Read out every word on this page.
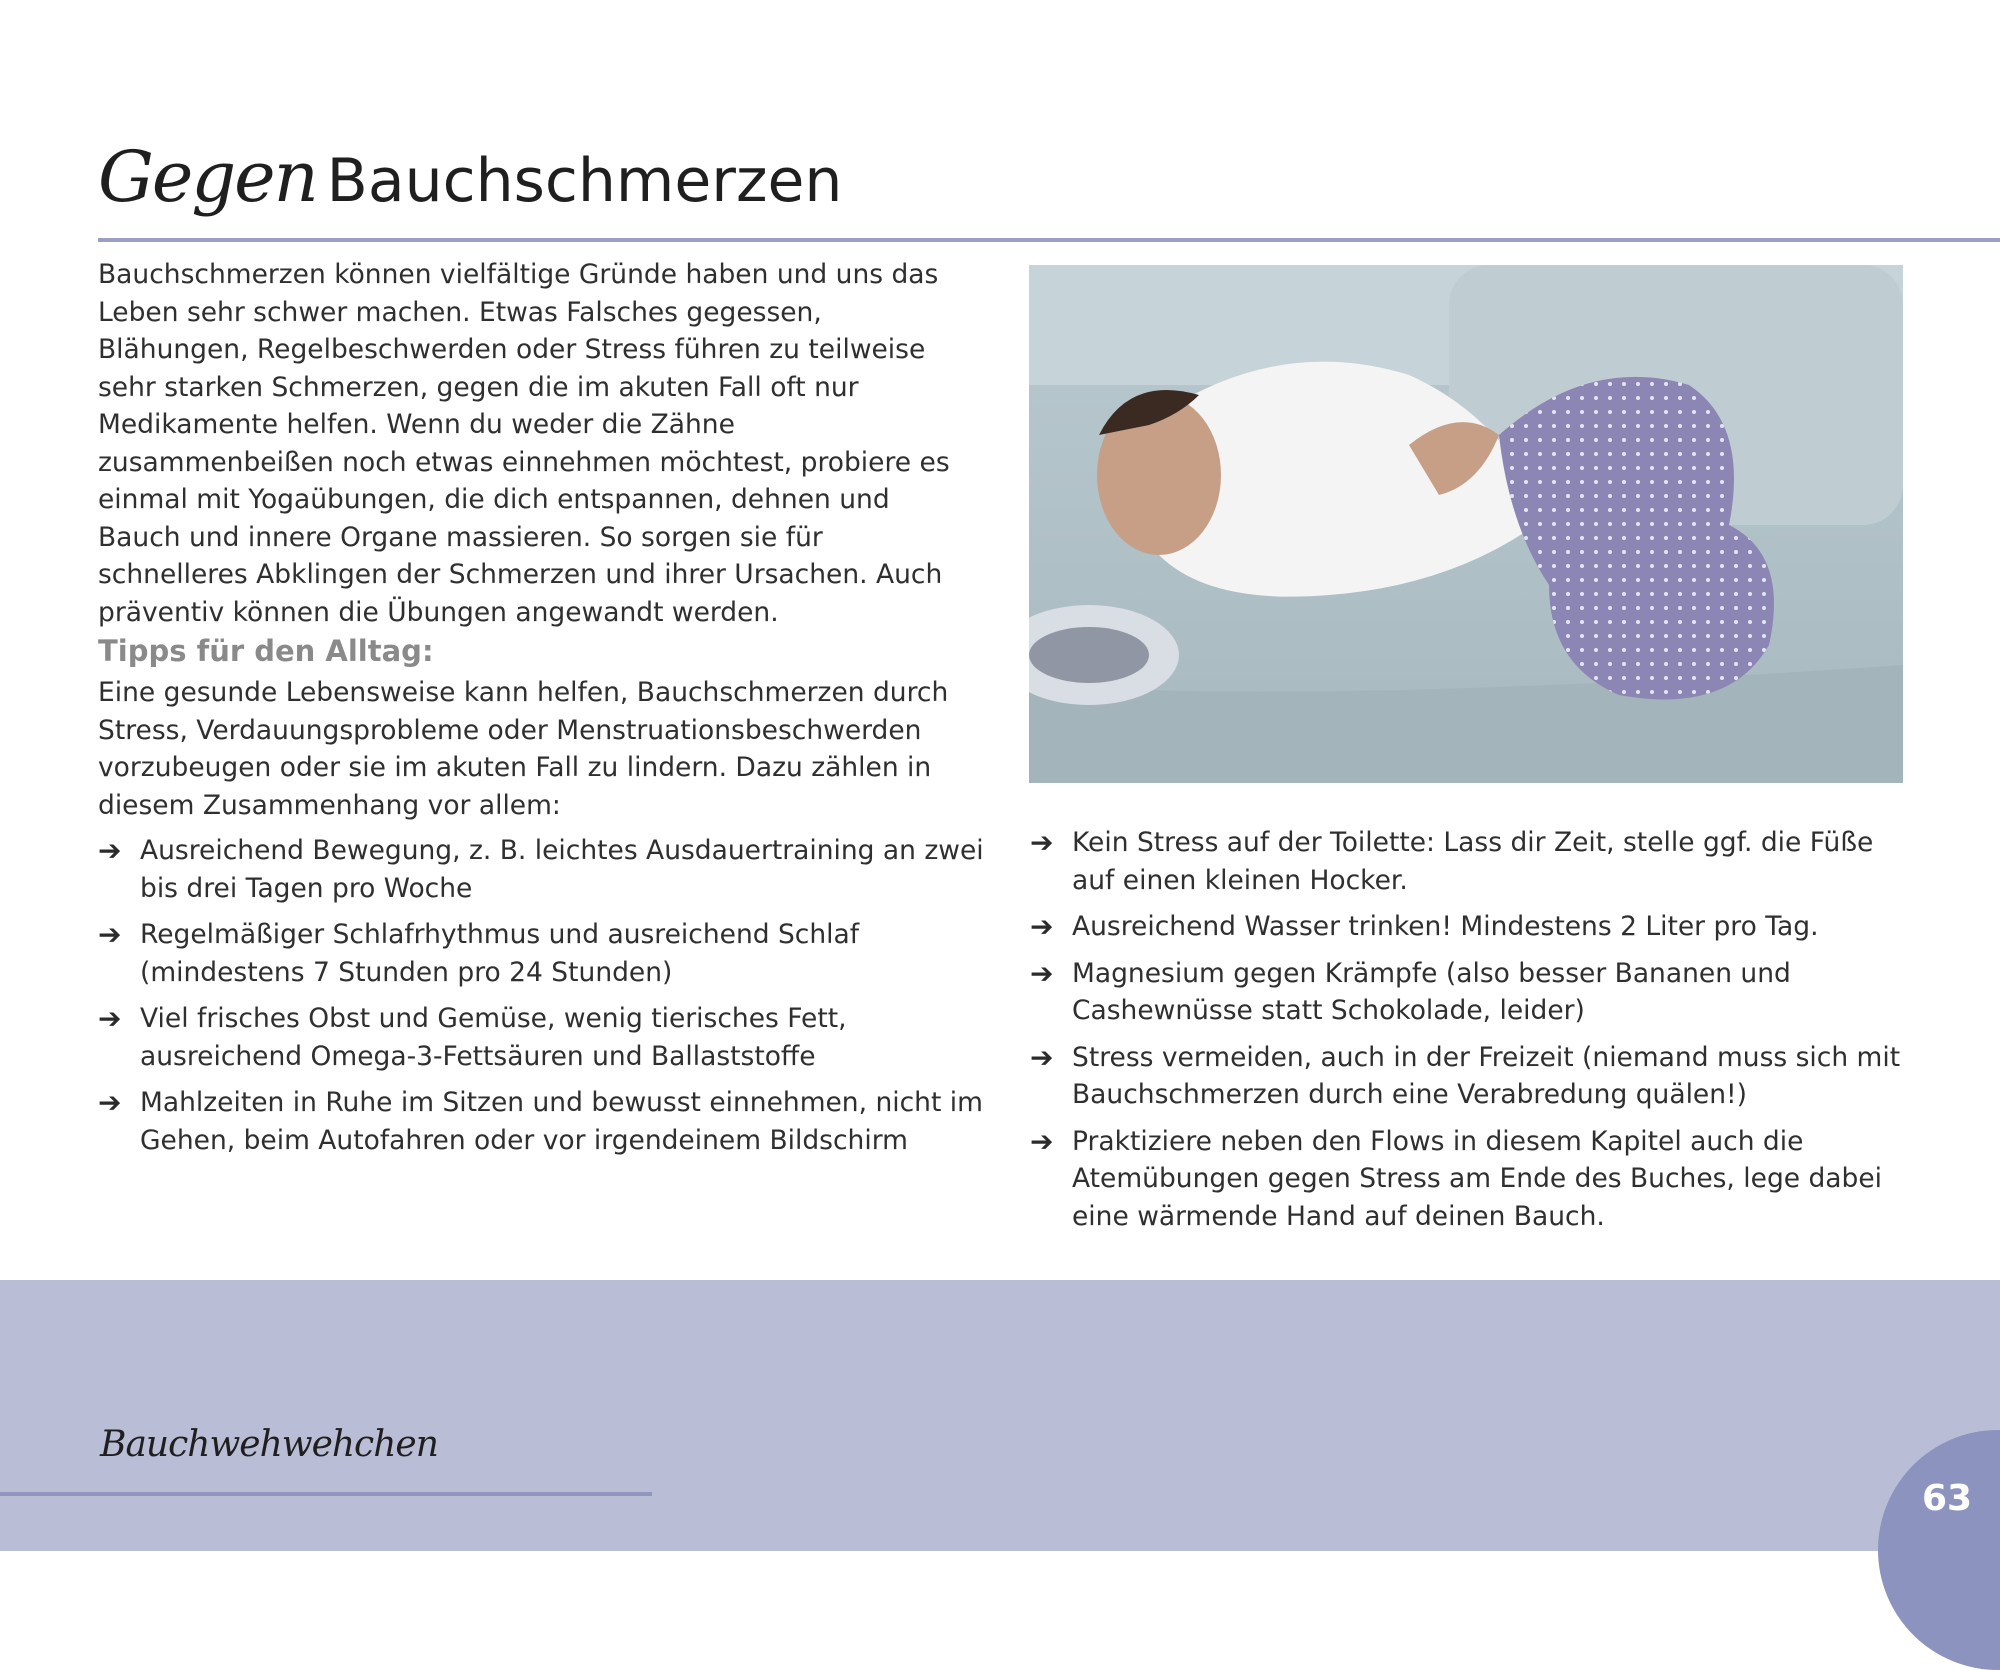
Gegen Bauchschmerzen

Bauchschmerzen können vielfältige Gründe haben und uns das Leben sehr schwer machen. Etwas Falsches gegessen, Blähungen, Regelbeschwerden oder Stress führen zu teilweise sehr starken Schmerzen, gegen die im akuten Fall oft nur Medikamente helfen. Wenn du weder die Zähne zusammenbeißen noch etwas einnehmen möchtest, probiere es einmal mit Yogaübungen, die dich entspannen, dehnen und Bauch und innere Organe massieren. So sorgen sie für schnelleres Abklingen der Schmerzen und ihrer Ursachen. Auch präventiv können die Übungen angewandt werden.

Tipps für den Alltag:

Eine gesunde Lebensweise kann helfen, Bauchschmerzen durch Stress, Verdauungsprobleme oder Menstruationsbeschwerden vorzubeugen oder sie im akuten Fall zu lindern. Dazu zählen in diesem Zusammenhang vor allem:

➔ Ausreichend Bewegung, z. B. leichtes Ausdauertraining an zwei bis drei Tagen pro Woche
➔ Regelmäßiger Schlafrhythmus und ausreichend Schlaf (mindestens 7 Stunden pro 24 Stunden)
➔ Viel frisches Obst und Gemüse, wenig tierisches Fett, ausreichend Omega-3-Fettsäuren und Ballaststoffe
➔ Mahlzeiten in Ruhe im Sitzen und bewusst einnehmen, nicht im Gehen, beim Autofahren oder vor irgendeinem Bildschirm
➔ Kein Stress auf der Toilette: Lass dir Zeit, stelle ggf. die Füße auf einen kleinen Hocker.
➔ Ausreichend Wasser trinken! Mindestens 2 Liter pro Tag.
➔ Magnesium gegen Krämpfe (also besser Bananen und Cashewnüsse statt Schokolade, leider)
➔ Stress vermeiden, auch in der Freizeit (niemand muss sich mit Bauchschmerzen durch eine Verabredung quälen!)
➔ Praktiziere neben den Flows in diesem Kapitel auch die Atemübungen gegen Stress am Ende des Buches, lege dabei eine wärmende Hand auf deinen Bauch.

Bauchwehwehchen

63
